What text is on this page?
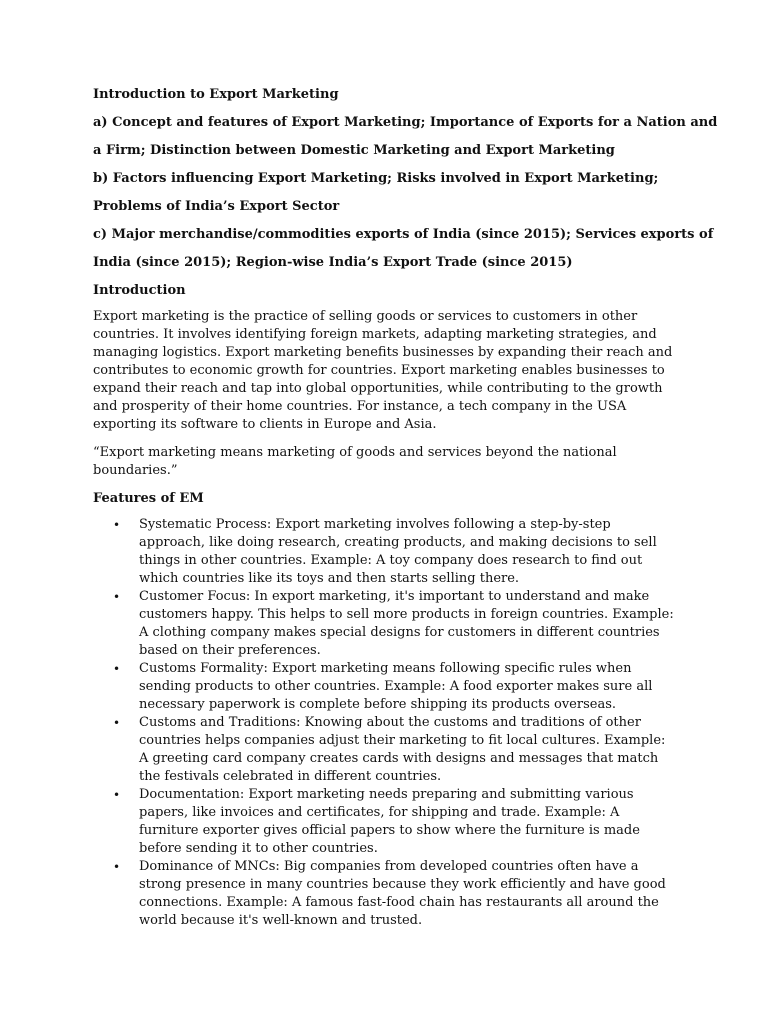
Introduction to Export Marketing

a) Concept and features of Export Marketing; Importance of Exports for a Nation and
a Firm; Distinction between Domestic Marketing and Export Marketing
b) Factors influencing Export Marketing; Risks involved in Export Marketing;
Problems of India’s Export Sector
c) Major merchandise/commodities exports of India (since 2015); Services exports of
India (since 2015); Region-wise India’s Export Trade (since 2015)
Introduction

Export marketing is the practice of selling goods or services to customers in other countries. It involves identifying foreign markets, adapting marketing strategies, and managing logistics. Export marketing benefits businesses by expanding their reach and contributes to economic growth for countries. Export marketing enables businesses to expand their reach and tap into global opportunities, while contributing to the growth and prosperity of their home countries. For instance, a tech company in the USA exporting its software to clients in Europe and Asia.

“Export marketing means marketing of goods and services beyond the national boundaries.”

Features of EM

• Systematic Process: Export marketing involves following a step-by-step approach, like doing research, creating products, and making decisions to sell things in other countries. Example: A toy company does research to find out which countries like its toys and then starts selling there.
• Customer Focus: In export marketing, it's important to understand and make customers happy. This helps to sell more products in foreign countries. Example: A clothing company makes special designs for customers in different countries based on their preferences.
• Customs Formality: Export marketing means following specific rules when sending products to other countries. Example: A food exporter makes sure all necessary paperwork is complete before shipping its products overseas.
• Customs and Traditions: Knowing about the customs and traditions of other countries helps companies adjust their marketing to fit local cultures. Example: A greeting card company creates cards with designs and messages that match the festivals celebrated in different countries.
• Documentation: Export marketing needs preparing and submitting various papers, like invoices and certificates, for shipping and trade. Example: A furniture exporter gives official papers to show where the furniture is made before sending it to other countries.
• Dominance of MNCs: Big companies from developed countries often have a strong presence in many countries because they work efficiently and have good connections. Example: A famous fast-food chain has restaurants all around the world because it's well-known and trusted.
